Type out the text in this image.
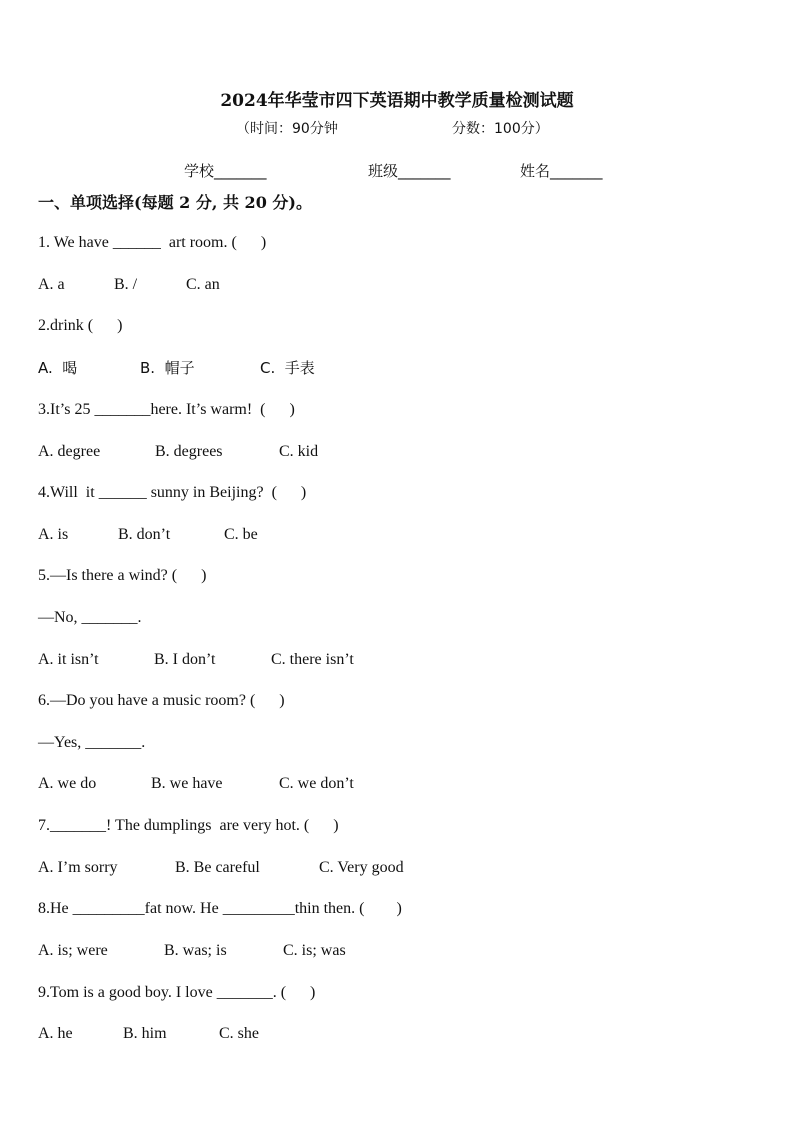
2024年华莹市四下英语期中教学质量检测试题
（时间：90分钟	分数：100分）
学校_______	班级_______	姓名_______
一、单项选择(每题 2 分, 共 20 分)。
1. We have ______  art room. (      )
A. a	B. /	C. an
2.drink (      )
A.  喝	B.  帽子	C.  手表
3.It’s 25 _______here. It’s warm!  (      )
A. degree	B. degrees	C. kid
4.Will  it ______ sunny in Beijing?  (      )
A. is	B. don’t	C. be
5.—Is there a wind? (      )
—No, _______.
A. it isn’t	B. I don’t	C. there isn’t
6.—Do you have a music room? (      )
—Yes, _______.
A. we do	B. we have	C. we don’t
7._______! The dumplings  are very hot. (      )
A. I’m sorry	B. Be careful	C. Very good
8.He _________fat now. He _________thin then. (        )
A. is; were	B. was; is	C. is; was
9.Tom is a good boy. I love _______. (      )
A. he	B. him	C. she
